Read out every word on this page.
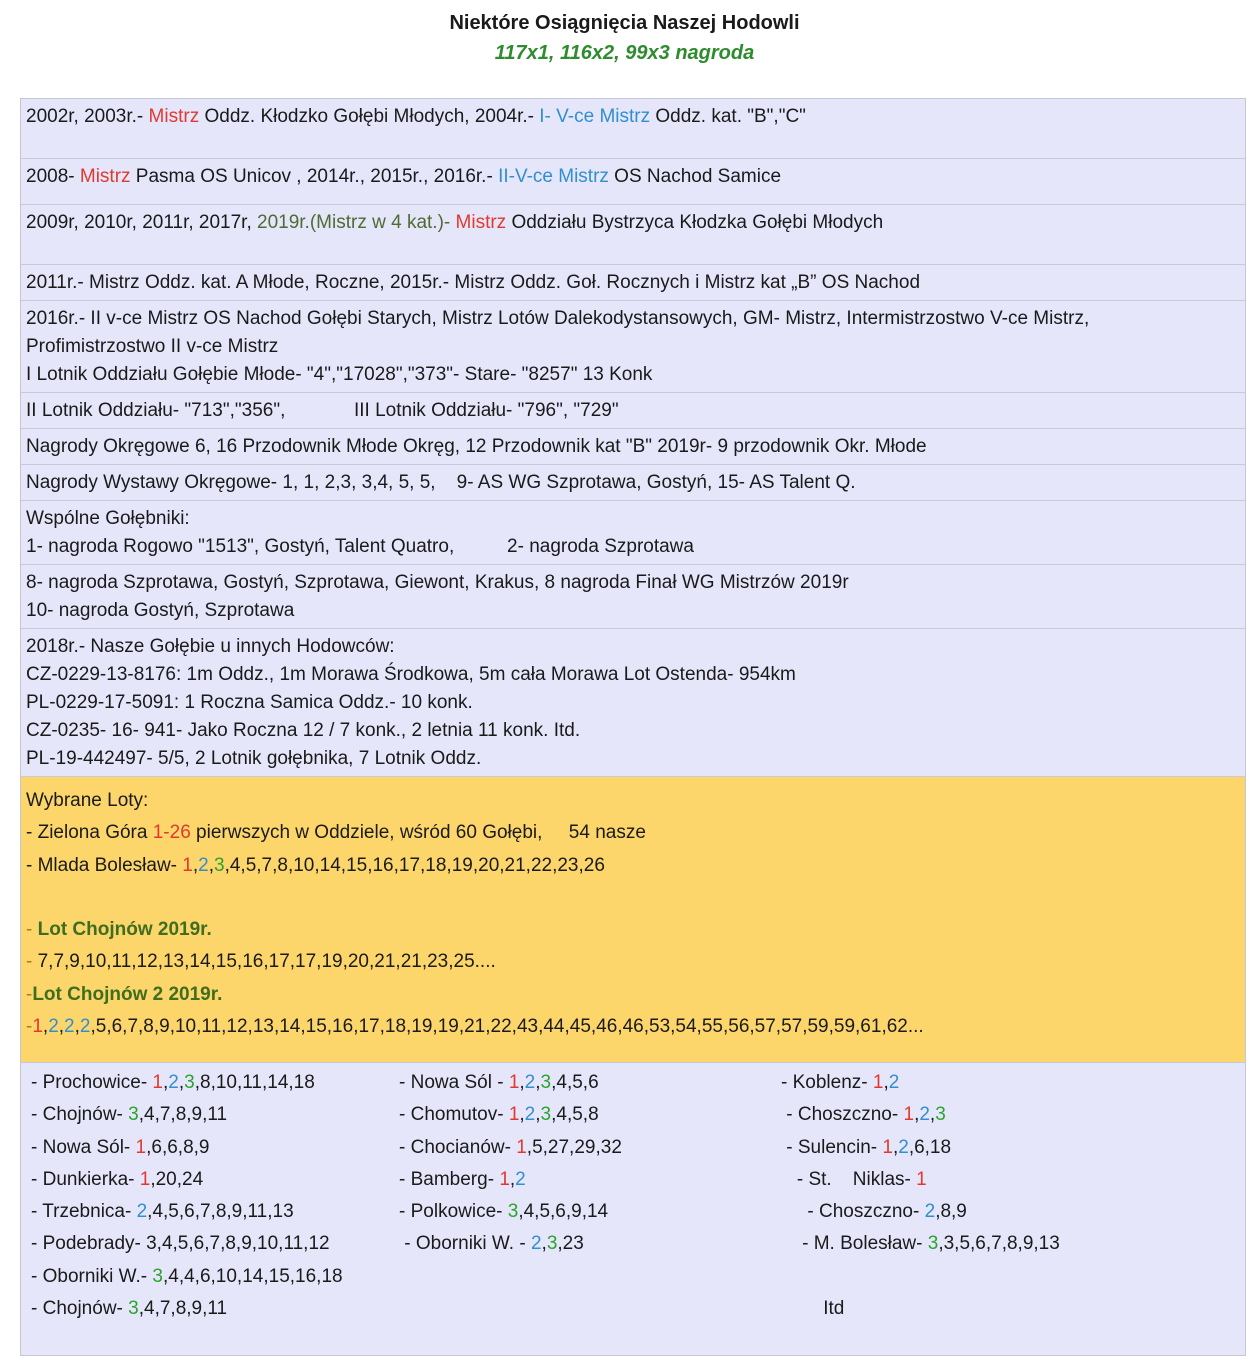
Niektóre Osiągnięcia Naszej Hodowli
117x1, 116x2, 99x3 nagroda
2002r, 2003r.- Mistrz Oddz. Kłodzko Gołębi Młodych, 2004r.- I- V-ce Mistrz Oddz. kat. "B","C"
2008- Mistrz Pasma OS Unicov , 2014r., 2015r., 2016r.- II-V-ce Mistrz OS Nachod Samice
2009r, 2010r, 2011r, 2017r, 2019r.(Mistrz w 4 kat.)- Mistrz Oddziału Bystrzyca Kłodzka Gołębi Młodych
2011r.- Mistrz Oddz. kat. A Młode, Roczne, 2015r.- Mistrz Oddz. Goł. Rocznych i Mistrz kat „B” OS Nachod
2016r.- II v-ce Mistrz OS Nachod Gołębi Starych, Mistrz Lotów Dalekodystansowych, GM- Mistrz, Intermistrzostwo V-ce Mistrz,
Profimistrzostwo II v-ce Mistrz
I Lotnik Oddziału Gołębie Młode- "4","17028","373"- Stare- "8257" 13 Konk
II Lotnik Oddziału- "713","356",             III Lotnik Oddziału- "796", "729"
Nagrody Okręgowe 6, 16 Przodownik Młode Okręg, 12 Przodownik kat "B" 2019r- 9 przodownik Okr. Młode
Nagrody Wystawy Okręgowe- 1, 1, 2,3, 3,4, 5, 5,    9- AS WG Szprotawa, Gostyń, 15- AS Talent Q.
Wspólne Gołębniki:
1- nagroda Rogowo "1513", Gostyń, Talent Quatro,          2- nagroda Szprotawa
8- nagroda Szprotawa, Gostyń, Szprotawa, Giewont, Krakus, 8 nagroda Finał WG Mistrzów 2019r
10- nagroda Gostyń, Szprotawa
2018r.- Nasze Gołębie u innych Hodowców:
CZ-0229-13-8176: 1m Oddz., 1m Morawa Środkowa, 5m cała Morawa Lot Ostenda- 954km
PL-0229-17-5091: 1 Roczna Samica Oddz.- 10 konk.
CZ-0235- 16- 941- Jako Roczna 12 / 7 konk., 2 letnia 11 konk. Itd.
PL-19-442497- 5/5, 2 Lotnik gołębnika, 7 Lotnik Oddz.
Wybrane Loty:
- Zielona Góra 1-26 pierwszych w Oddziele, wśród 60 Gołębi,     54 nasze
- Mlada Bolesław- 1,2,3,4,5,7,8,10,14,15,16,17,18,19,20,21,22,23,26

- Lot Chojnów 2019r.
- 7,7,9,10,11,12,13,14,15,16,17,17,19,20,21,21,23,25....
-Lot Chojnów 2 2019r.
-1,2,2,2,5,6,7,8,9,10,11,12,13,14,15,16,17,18,19,19,21,22,43,44,45,46,46,53,54,55,56,57,57,59,59,61,62...
- Prochowice- 1,2,3,8,10,11,14,18
- Chojnów- 3,4,7,8,9,11
- Nowa Sól- 1,6,6,8,9
- Dunkierka- 1,20,24
- Trzebnica- 2,4,5,6,7,8,9,11,13
- Podebrady- 3,4,5,6,7,8,9,10,11,12
- Oborniki W.- 3,4,4,6,10,14,15,16,18
- Chojnów- 3,4,7,8,9,11
- Nowa Sól - 1,2,3,4,5,6
- Chomutov- 1,2,3,4,5,8
- Chocianów- 1,5,27,29,32
- Bamberg- 1,2
- Polkowice- 3,4,5,6,9,14
- Oborniki W. - 2,3,23
- Koblenz- 1,2
- Choszczno- 1,2,3
- Sulencin- 1,2,6,18
- St.    Niklas- 1
- Choszczno- 2,8,9
- M. Bolesław- 3,3,5,6,7,8,9,13
Itd
